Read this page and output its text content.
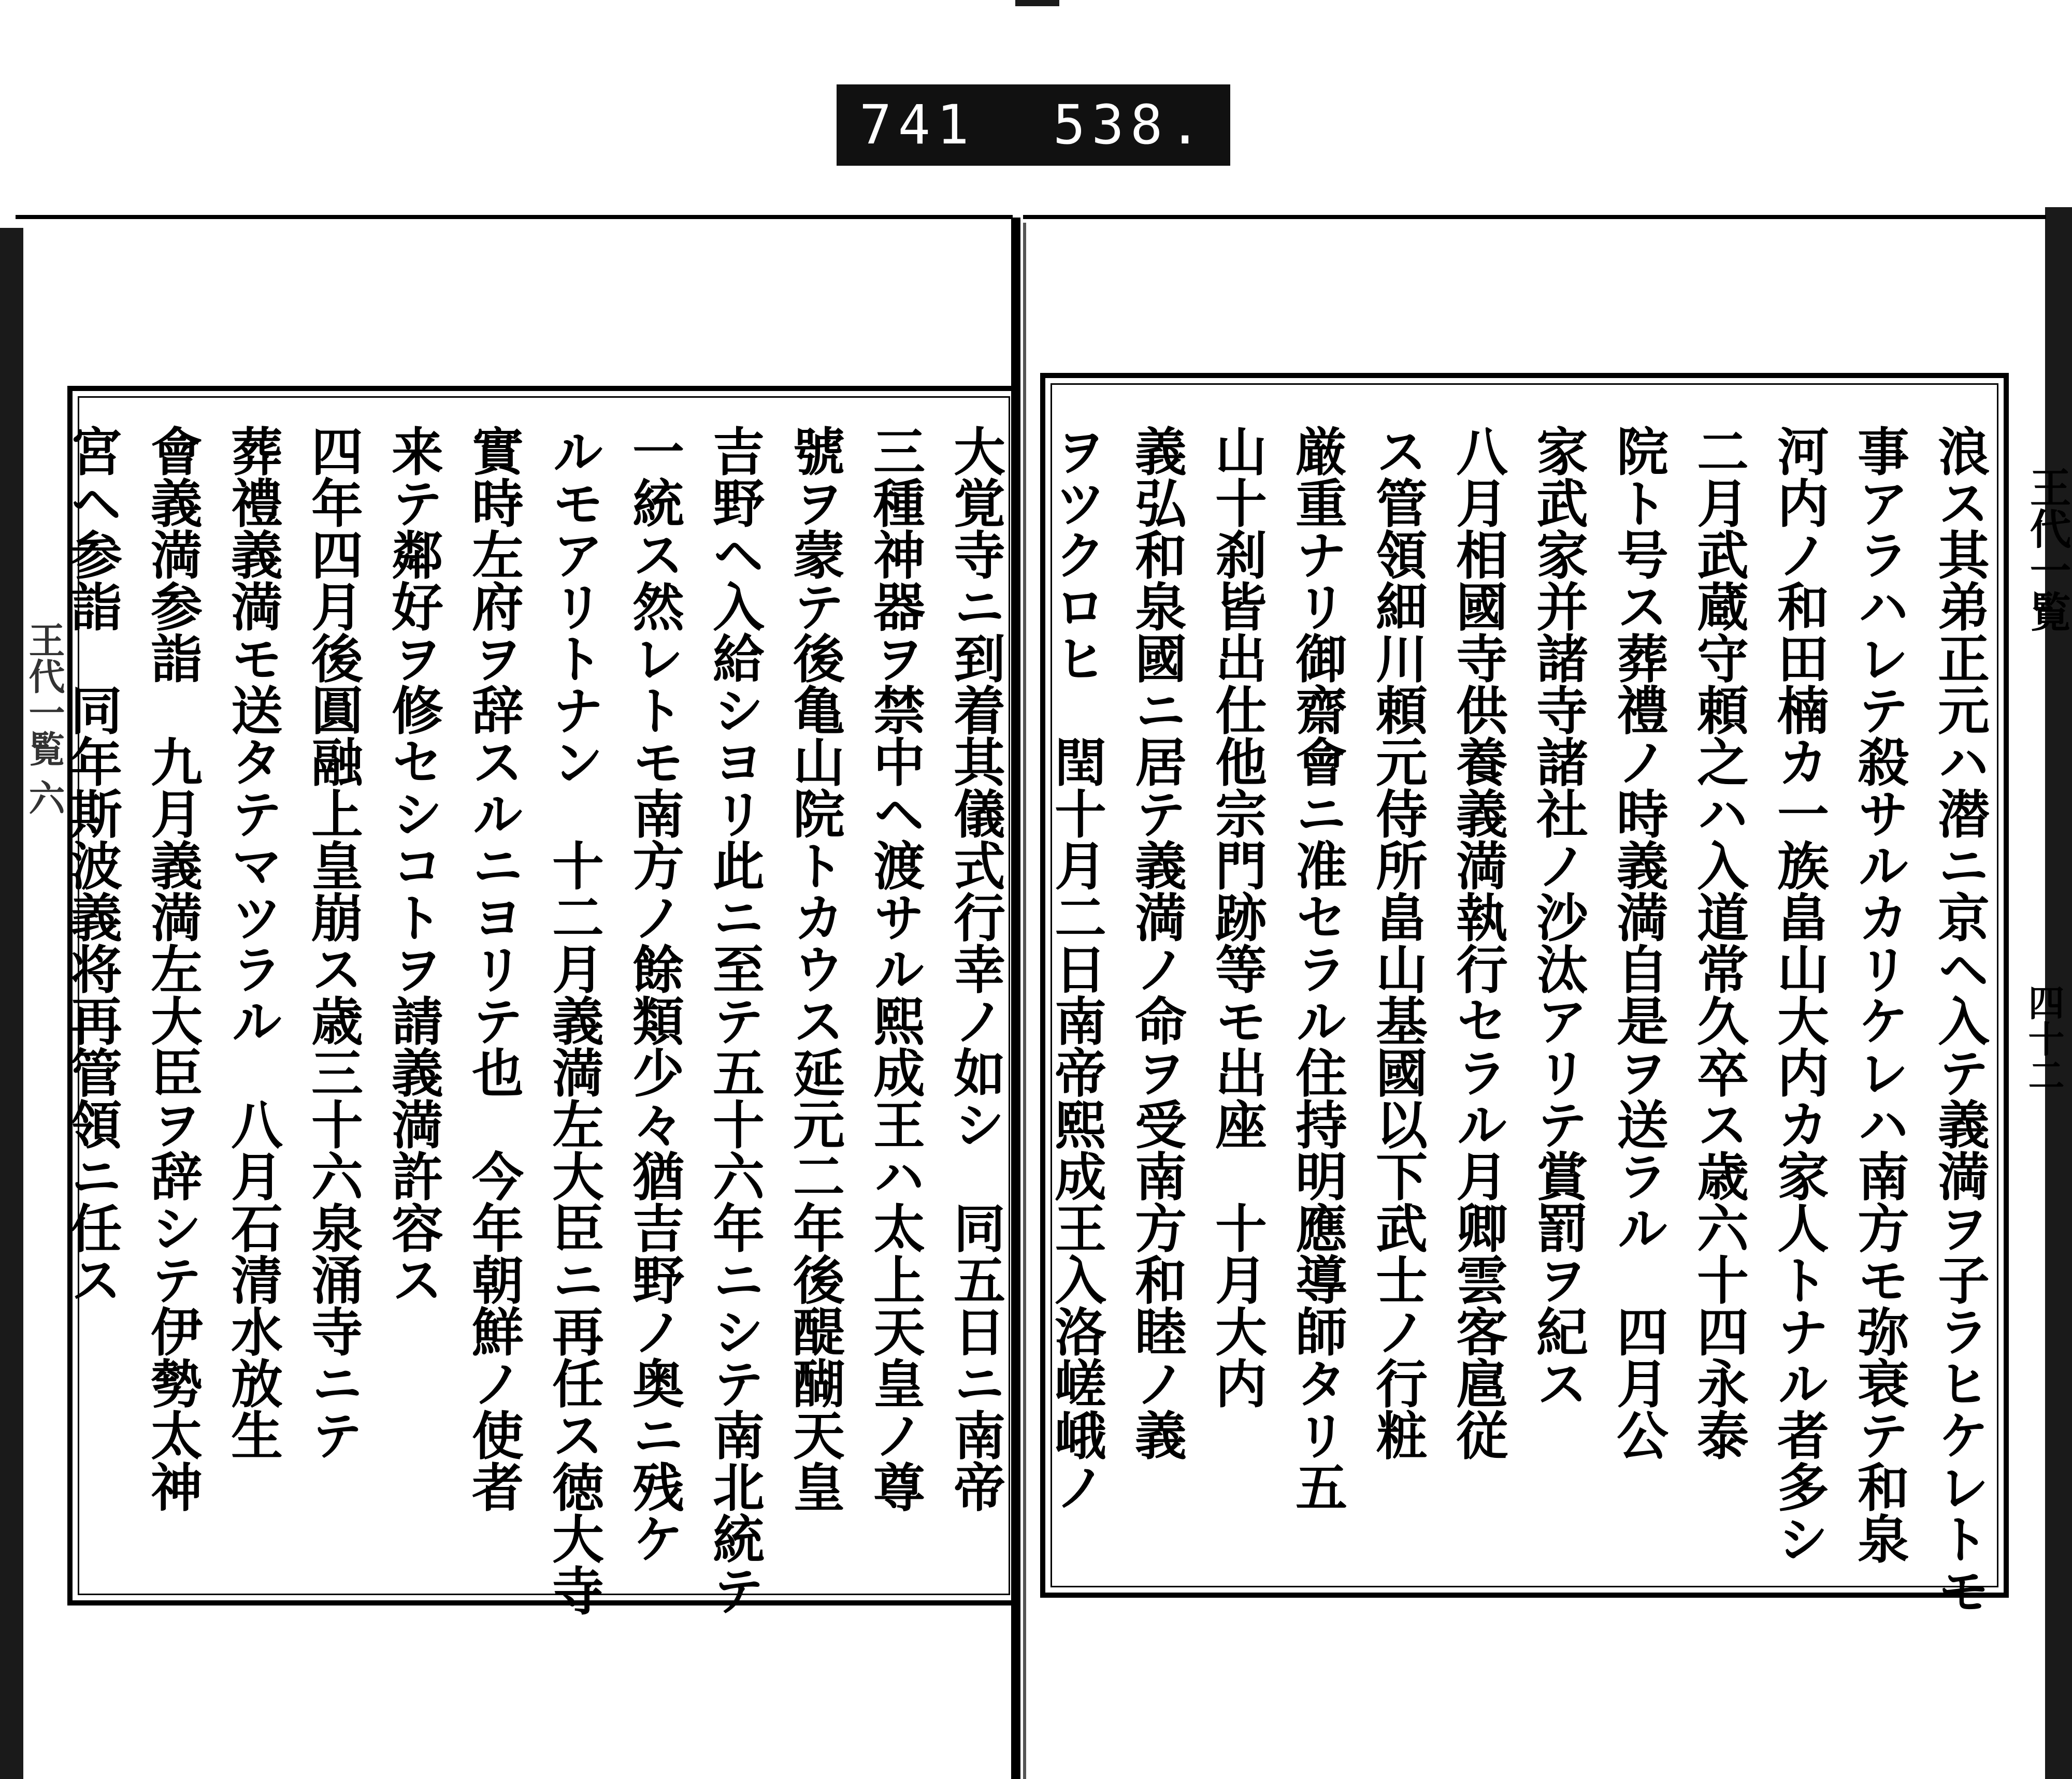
741 538.
王代一覧
四十二
王代一覧 六	浪ス其弟正元ハ潜ニ京ヘ入テ義満ヲ子ラヒケレトモ

事アラハレテ殺サルカリケレハ南方モ弥衰テ和泉

河内ノ和田楠カ一族畠山大内カ家人トナル者多シ

二月武蔵守頼之ハ入道常久卒ス歳六十四永泰

院ト号ス葬禮ノ時義満自是ヲ送ラル　四月公

家武家并諸寺諸社ノ沙汰アリテ賞罰ヲ紀ス

八月相國寺供養義満執行セラル月卿雲客扈従

ス管領細川頼元侍所畠山基國以下武士ノ行粧

厳重ナリ御齋會ニ准セラル住持明應導師タリ五

山十刹皆出仕他宗門跡等モ出座　十月大内

義弘和泉國ニ居テ義満ノ命ヲ受南方和睦ノ義

ヲツクロヒ　閏十月二日南帝熙成王入洛嵯峨ノ

大覚寺ニ到着其儀式行幸ノ如シ　同五日ニ南帝

三種神器ヲ禁中ヘ渡サル熙成王ハ太上天皇ノ尊

號ヲ蒙テ後亀山院トカウス延元二年後醍醐天皇

吉野ヘ入給シヨリ此ニ至テ五十六年ニシテ南北統テ

一統ス然レトモ南方ノ餘類少々猶吉野ノ奥ニ残ケ

ルモアリトナン　十二月義満左大臣ニ再任ス徳大寺

實時左府ヲ辞スルニヨリテ也　今年朝鮮ノ使者

来テ鄰好ヲ修セシコトヲ請義満許容ス

四年四月後圓融上皇崩ス歳三十六泉涌寺ニテ

葬禮義満モ送タテマツラル　八月石清水放生

會義満参詣　九月義満左大臣ヲ辞シテ伊勢太神

宮ヘ参詣　同年斯波義将再管領ニ任ス
